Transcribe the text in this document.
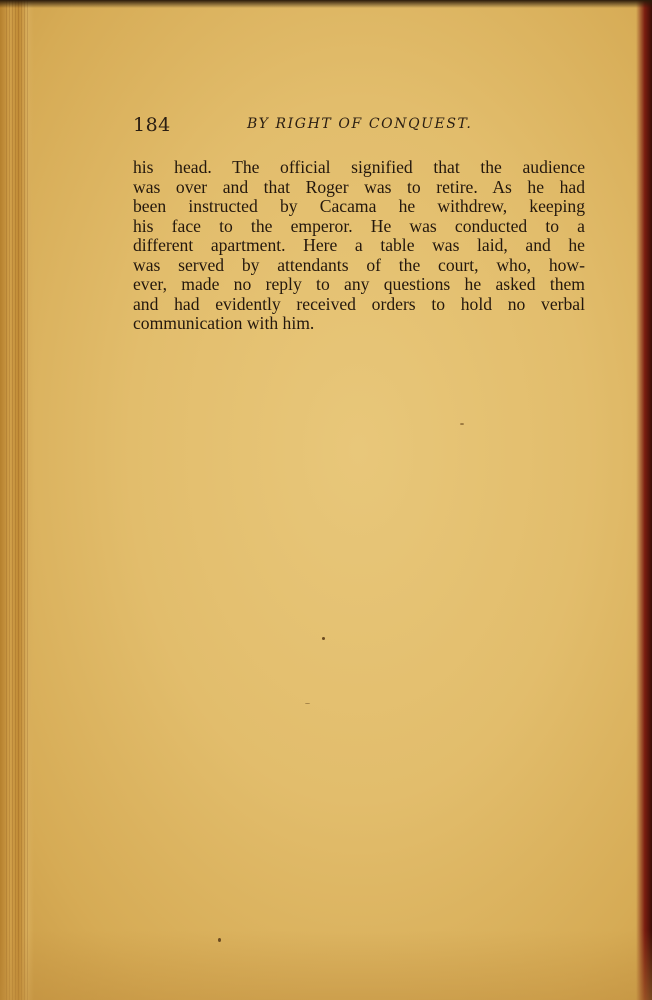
184	BY RIGHT OF CONQUEST.

his head. The official signified that the audience
was over and that Roger was to retire. As he had
been instructed by Cacama he withdrew, keeping
his face to the emperor. He was conducted to a
different apartment. Here a table was laid, and he
was served by attendants of the court, who, how-
ever, made no reply to any questions he asked them
and had evidently received orders to hold no verbal
communication with him.
